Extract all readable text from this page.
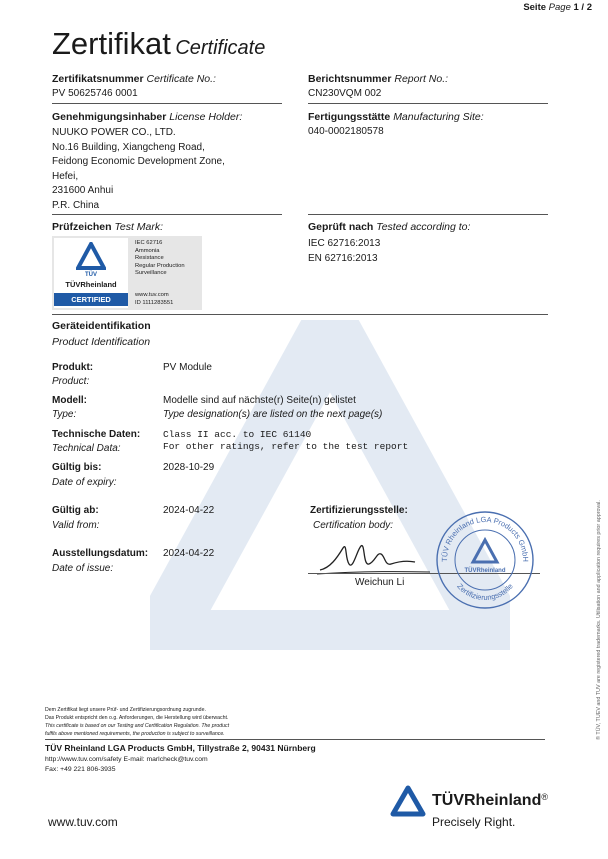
Seite Page 1 / 2
Zertifikat Certificate
Zertifikatsnummer Certificate No.:
PV 50625746 0001
Berichtsnummer Report No.:
CN230VQM 002
Genehmigungsinhaber License Holder:
NUUKO POWER CO., LTD.
No.16 Building, Xiangcheng Road,
Feidong Economic Development Zone,
Hefei,
231600 Anhui
P.R. China
Fertigungsstätte Manufacturing Site:
040-0002180578
Prüfzeichen Test Mark:
TÜV
TÜVRheinland
CERTIFIED
IEC 62716
Ammonia
Resistance
Regular Production
Surveillance
www.tuv.com
ID 1111283551
Geprüft nach Tested according to:
IEC 62716:2013
EN 62716:2013
Geräteidentifikation
Product Identification
Produkt:
Product:
PV Module
Modell:
Type:
Modelle sind auf nächste(r) Seite(n) gelistet
Type designation(s) are listed on the next page(s)
Technische Daten:
Technical Data:
Class II acc. to IEC 61140
For other ratings, refer to the test report
Gültig bis:
Date of expiry:
2028-10-29
Gültig ab:
Valid from:
2024-04-22
Ausstellungsdatum:
Date of issue:
2024-04-22
Zertifizierungsstelle:
Certification body:
Weichun Li
TÜV Rheinland LGA Products GmbH
Zertifizierungsstelle
TÜVRheinland	® TÜV, TUEV and TUV are registered trademarks. Utilisation and application requires prior approval.
Dem Zertifikat liegt unsere Prüf- und Zertifizierungsordnung zugrunde.
Das Produkt entspricht den o.g. Anforderungen, die Herstellung wird überwacht.
This certificate is based on our Testing and Certification Regulation. The product
fulfils above mentioned requirements, the production is subject to surveillance.
TÜV Rheinland LGA Products GmbH, Tillystraße 2, 90431 Nürnberg
http://www.tuv.com/safety E-mail: marlcheck@tuv.com
Fax: +49 221 806-3935
www.tuv.com
TÜVRheinland®
Precisely Right.
